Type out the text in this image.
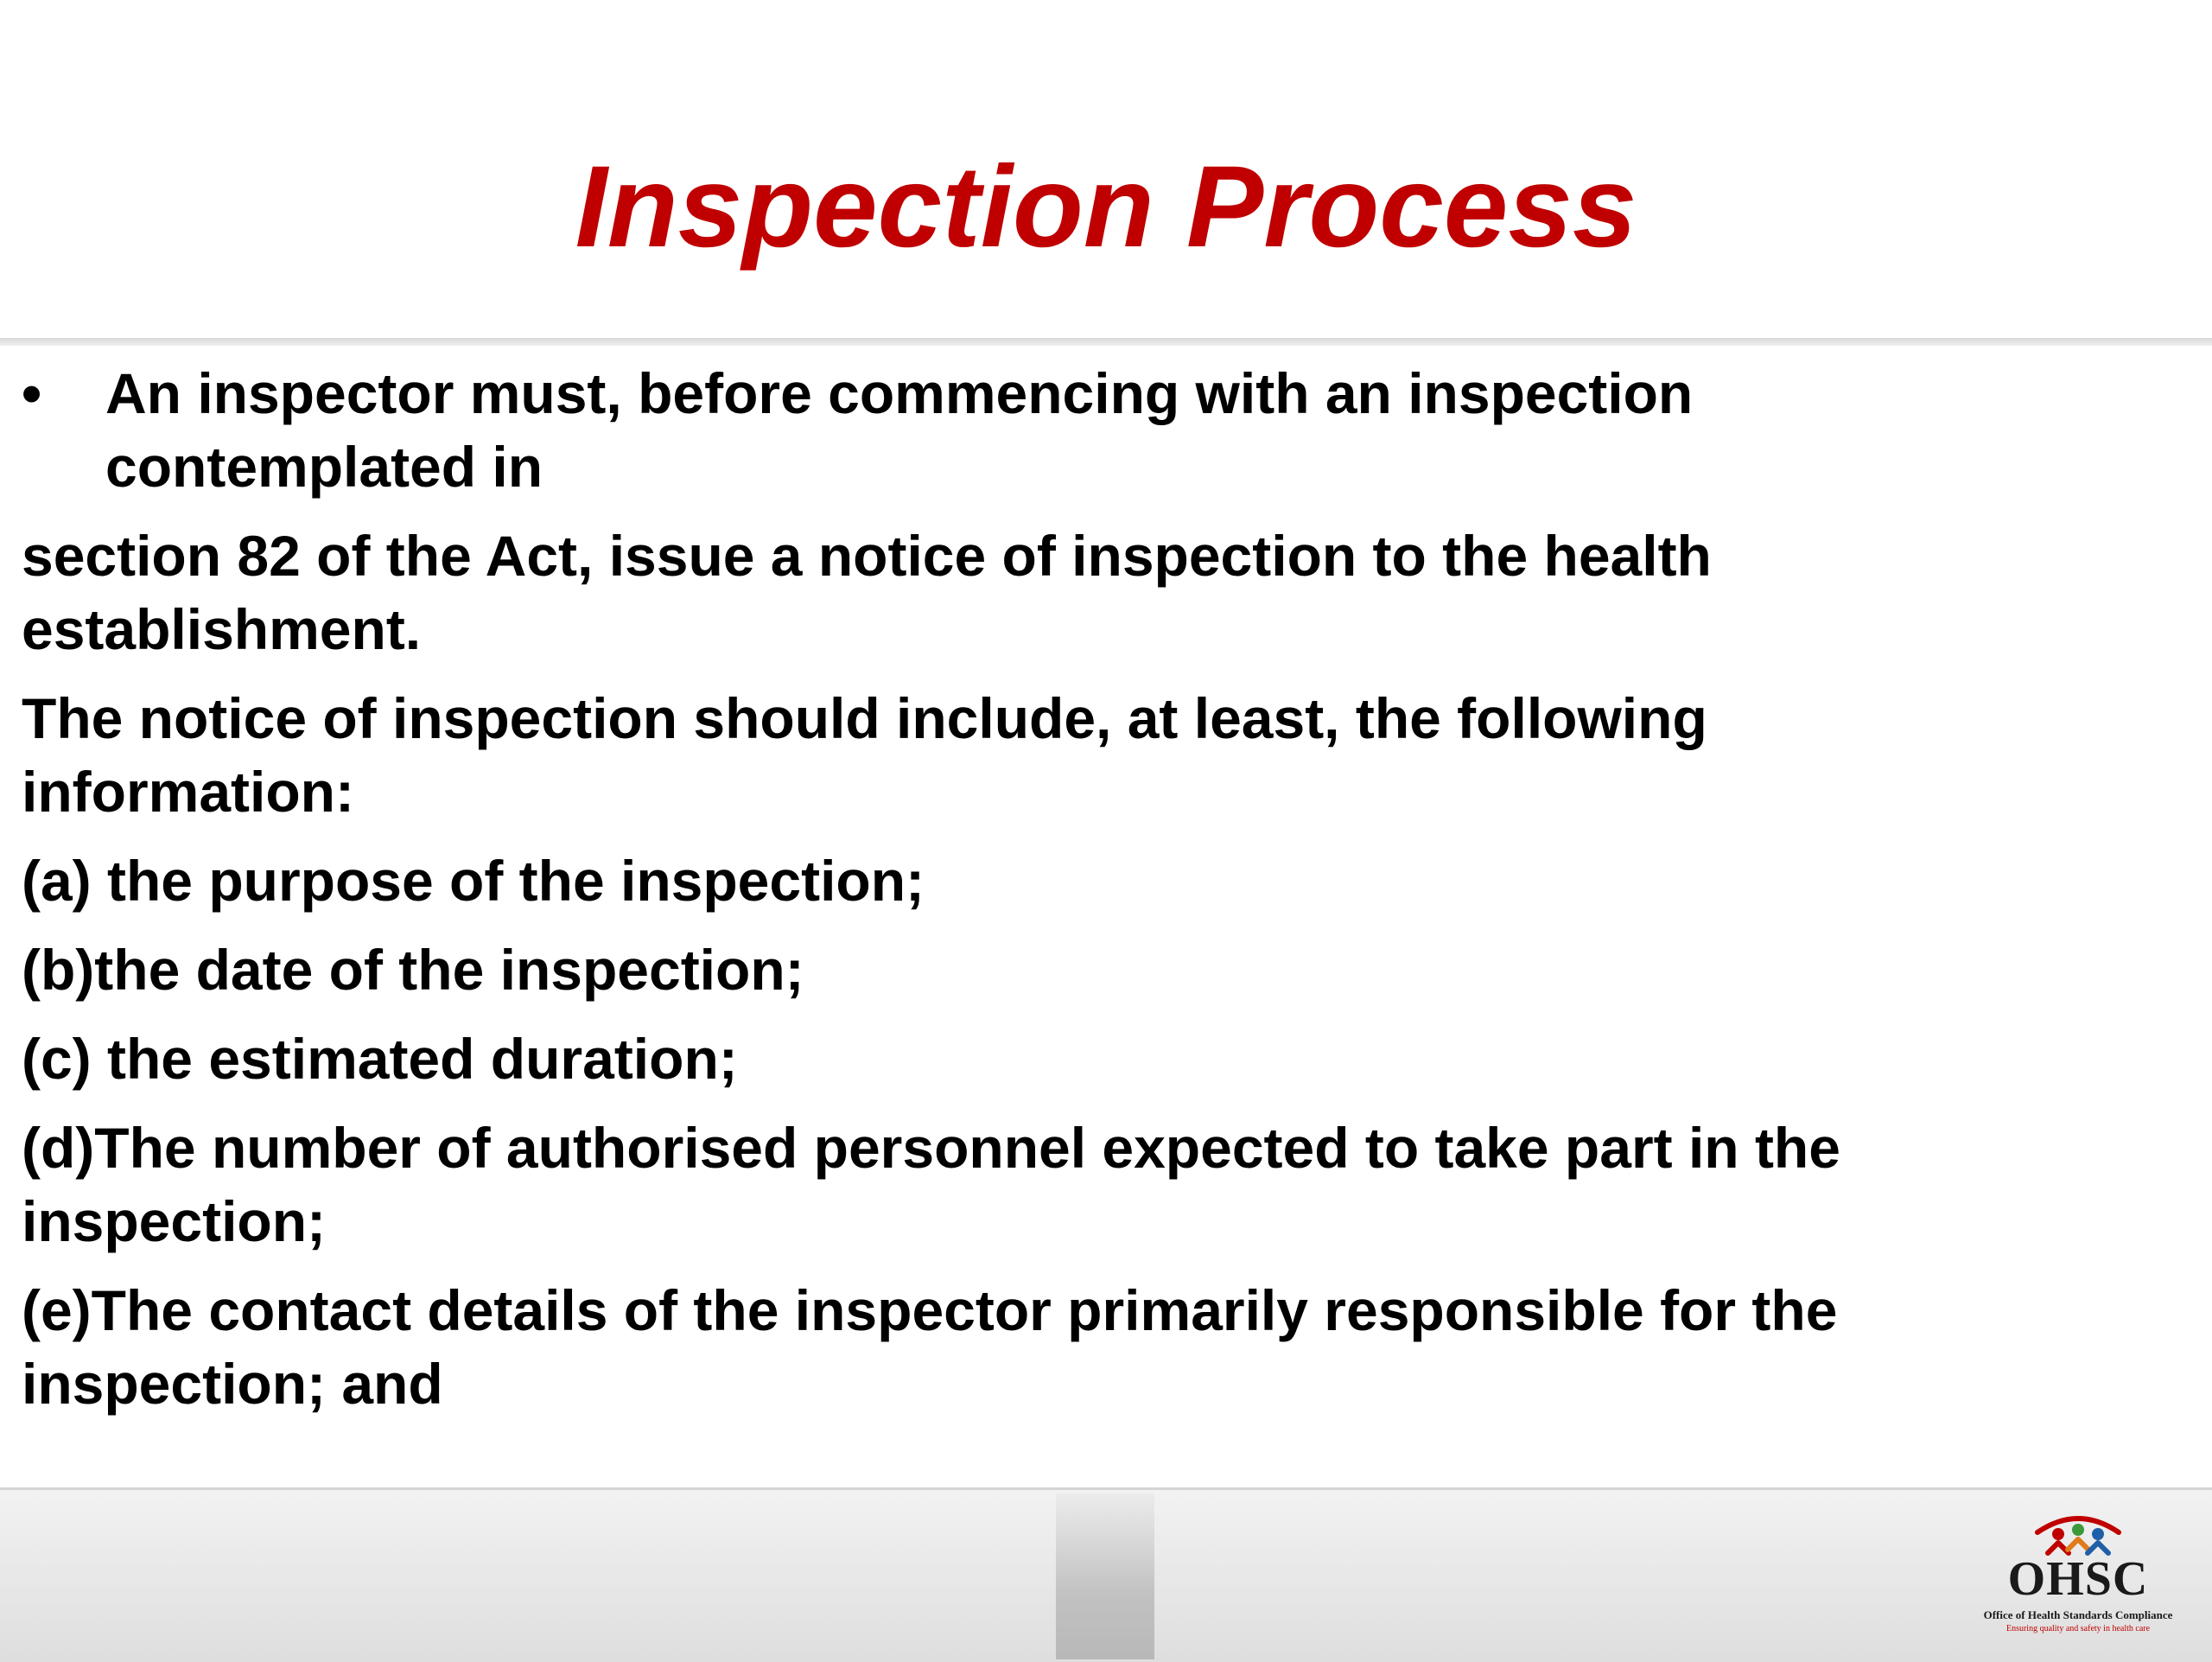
Inspection Process

• An inspector must, before commencing with an inspection contemplated in

section 82 of the Act, issue a notice of inspection to the health establishment.

The notice of inspection should include, at least, the following information:

(a) the purpose of the inspection;

(b)the date of the inspection;

(c) the estimated duration;

(d)The number of authorised personnel expected to take part in the inspection;

(e)The contact details of the inspector primarily responsible for the inspection; and

OHSC
Office of Health Standards Compliance
Ensuring quality and safety in health care
